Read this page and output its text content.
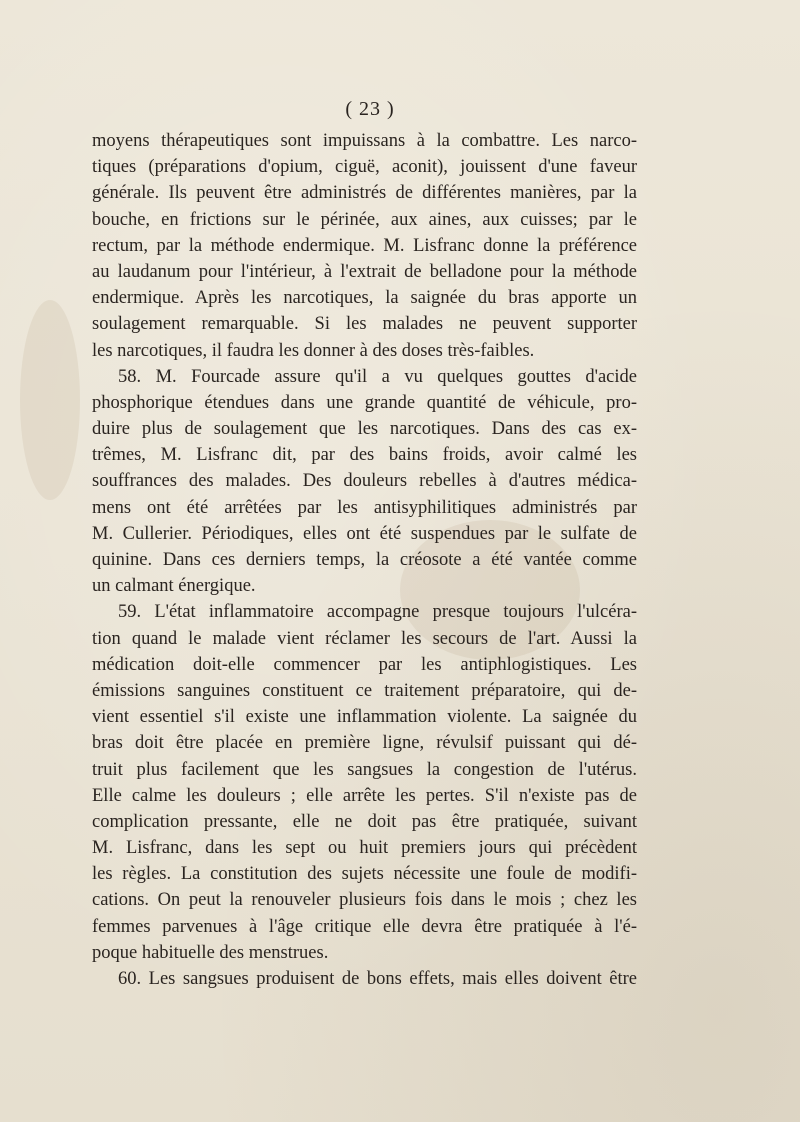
( 23 )
moyens thérapeutiques sont impuissans à la combattre. Les narco-
tiques (préparations d'opium, ciguë, aconit), jouissent d'une faveur
générale. Ils peuvent être administrés de différentes manières, par la
bouche, en frictions sur le périnée, aux aines, aux cuisses; par le
rectum, par la méthode endermique. M. Lisfranc donne la préférence
au laudanum pour l'intérieur, à l'extrait de belladone pour la méthode
endermique. Après les narcotiques, la saignée du bras apporte un
soulagement remarquable. Si les malades ne peuvent supporter
les narcotiques, il faudra les donner à des doses très-faibles.
58. M. Fourcade assure qu'il a vu quelques gouttes d'acide
phosphorique étendues dans une grande quantité de véhicule, pro-
duire plus de soulagement que les narcotiques. Dans des cas ex-
trêmes, M. Lisfranc dit, par des bains froids, avoir calmé les
souffrances des malades. Des douleurs rebelles à d'autres médica-
mens ont été arrêtées par les antisyphilitiques administrés par
M. Cullerier. Périodiques, elles ont été suspendues par le sulfate de
quinine. Dans ces derniers temps, la créosote a été vantée comme
un calmant énergique.
59. L'état inflammatoire accompagne presque toujours l'ulcéra-
tion quand le malade vient réclamer les secours de l'art. Aussi la
médication doit-elle commencer par les antiphlogistiques. Les
émissions sanguines constituent ce traitement préparatoire, qui de-
vient essentiel s'il existe une inflammation violente. La saignée du
bras doit être placée en première ligne, révulsif puissant qui dé-
truit plus facilement que les sangsues la congestion de l'utérus.
Elle calme les douleurs ; elle arrête les pertes. S'il n'existe pas de
complication pressante, elle ne doit pas être pratiquée, suivant
M. Lisfranc, dans les sept ou huit premiers jours qui précèdent
les règles. La constitution des sujets nécessite une foule de modifi-
cations. On peut la renouveler plusieurs fois dans le mois ; chez les
femmes parvenues à l'âge critique elle devra être pratiquée à l'é-
poque habituelle des menstrues.
60. Les sangsues produisent de bons effets, mais elles doivent être
